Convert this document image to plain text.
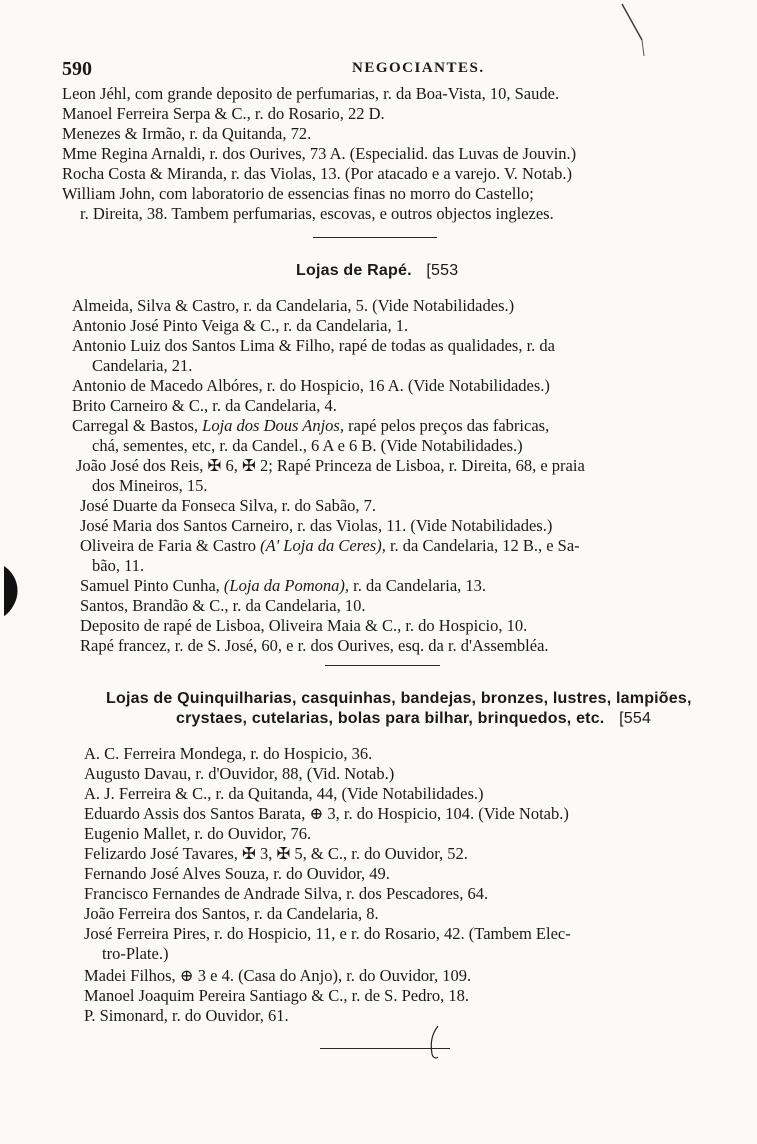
590	NEGOCIANTES.
Leon Jéhl, com grande deposito de perfumarias, r. da Boa-Vista, 10, Saude.
Manoel Ferreira Serpa & C., r. do Rosario, 22 D.
Menezes & Irmão, r. da Quitanda, 72.
Mme Regina Arnaldi, r. dos Ourives, 73 A. (Especialid. das Luvas de Jouvin.)
Rocha Costa & Miranda, r. das Violas, 13. (Por atacado e a varejo. V. Notab.)
William John, com laboratorio de essencias finas no morro do Castello;
r. Direita, 38. Tambem perfumarias, escovas, e outros objectos inglezes.
Lojas de Rapé. [553
Almeida, Silva & Castro, r. da Candelaria, 5. (Vide Notabilidades.)
Antonio José Pinto Veiga & C., r. da Candelaria, 1.
Antonio Luiz dos Santos Lima & Filho, rapé de todas as qualidades, r. da
Candelaria, 21.
Antonio de Macedo Albóres, r. do Hospicio, 16 A. (Vide Notabilidades.)
Brito Carneiro & C., r. da Candelaria, 4.
Carregal & Bastos, Loja dos Dous Anjos, rapé pelos preços das fabricas,
chá, sementes, etc, r. da Candel., 6 A e 6 B. (Vide Notabilidades.)
João José dos Reis, ✠ 6, ✠ 2; Rapé Princeza de Lisboa, r. Direita, 68, e praia
dos Mineiros, 15.
José Duarte da Fonseca Silva, r. do Sabão, 7.
José Maria dos Santos Carneiro, r. das Violas, 11. (Vide Notabilidades.)
Oliveira de Faria & Castro (A' Loja da Ceres), r. da Candelaria, 12 B., e Sa-
bão, 11.
Samuel Pinto Cunha, (Loja da Pomona), r. da Candelaria, 13.
Santos, Brandão & C., r. da Candelaria, 10.
Deposito de rapé de Lisboa, Oliveira Maia & C., r. do Hospicio, 10.
Rapé francez, r. de S. José, 60, e r. dos Ourives, esq. da r. d'Assembléa.
Lojas de Quinquilharias, casquinhas, bandejas, bronzes, lustres, lampiões,
crystaes, cutelarias, bolas para bilhar, brinquedos, etc. [554
A. C. Ferreira Mondega, r. do Hospicio, 36.
Augusto Davau, r. d'Ouvidor, 88, (Vid. Notab.)
A. J. Ferreira & C., r. da Quitanda, 44, (Vide Notabilidades.)
Eduardo Assis dos Santos Barata, ⊕ 3, r. do Hospicio, 104. (Vide Notab.)
Eugenio Mallet, r. do Ouvidor, 76.
Felizardo José Tavares, ✠ 3, ✠ 5, & C., r. do Ouvidor, 52.
Fernando José Alves Souza, r. do Ouvidor, 49.
Francisco Fernandes de Andrade Silva, r. dos Pescadores, 64.
João Ferreira dos Santos, r. da Candelaria, 8.
José Ferreira Pires, r. do Hospicio, 11, e r. do Rosario, 42. (Tambem Elec-
tro-Plate.)
Madei Filhos, ⊕ 3 e 4. (Casa do Anjo), r. do Ouvidor, 109.
Manoel Joaquim Pereira Santiago & C., r. de S. Pedro, 18.
P. Simonard, r. do Ouvidor, 61.
